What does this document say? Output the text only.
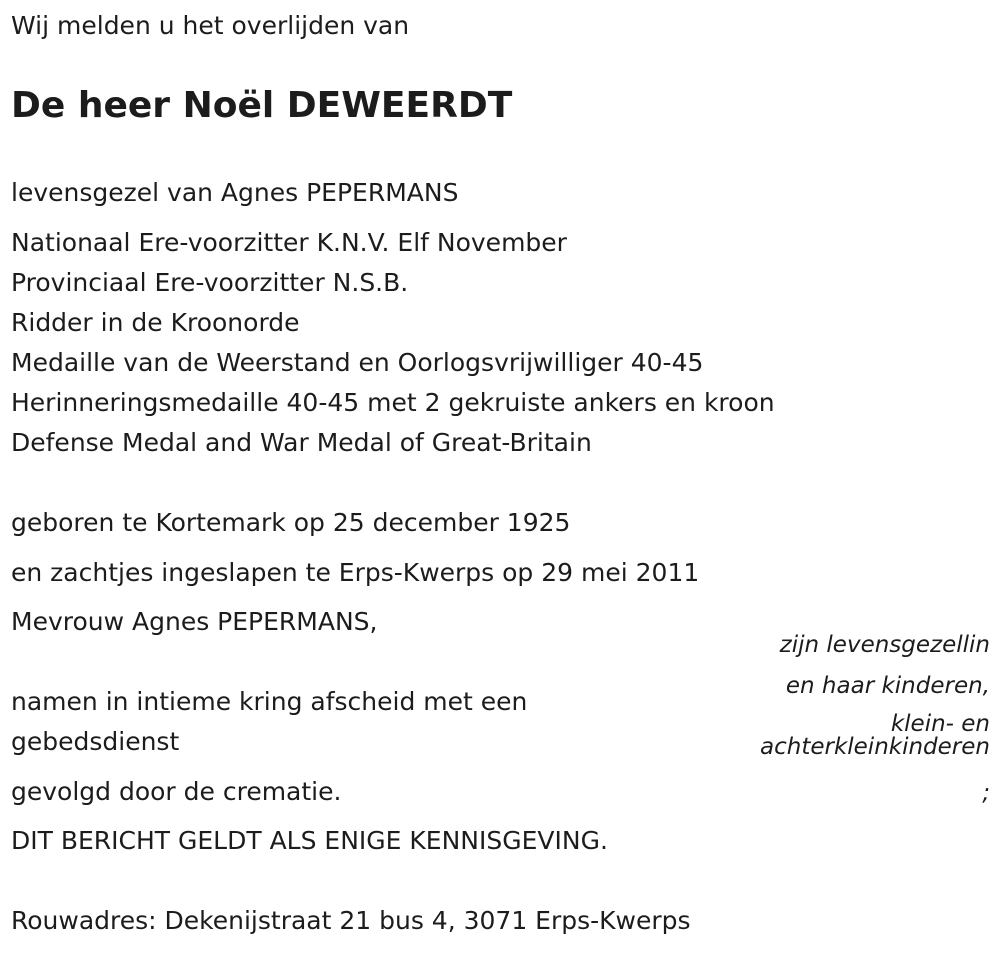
Wij melden u het overlijden van
De heer Noël DEWEERDT
levensgezel van Agnes PEPERMANS
Nationaal Ere-voorzitter K.N.V. Elf November
Provinciaal Ere-voorzitter N.S.B.
Ridder in de Kroonorde
Medaille van de Weerstand en Oorlogsvrijwilliger 40-45
Herinneringsmedaille 40-45 met 2 gekruiste ankers en kroon
Defense Medal and War Medal of Great-Britain
geboren te Kortemark op 25 december 1925
en zachtjes ingeslapen te Erps-Kwerps op 29 mei 2011
Mevrouw Agnes PEPERMANS,
zijn levensgezellin
en haar kinderen,
klein- en
achterkleinkinderen
;
namen in intieme kring afscheid met een
gebedsdienst
gevolgd door de crematie.
DIT BERICHT GELDT ALS ENIGE KENNISGEVING.
Rouwadres: Dekenijstraat 21 bus 4, 3071 Erps-Kwerps
